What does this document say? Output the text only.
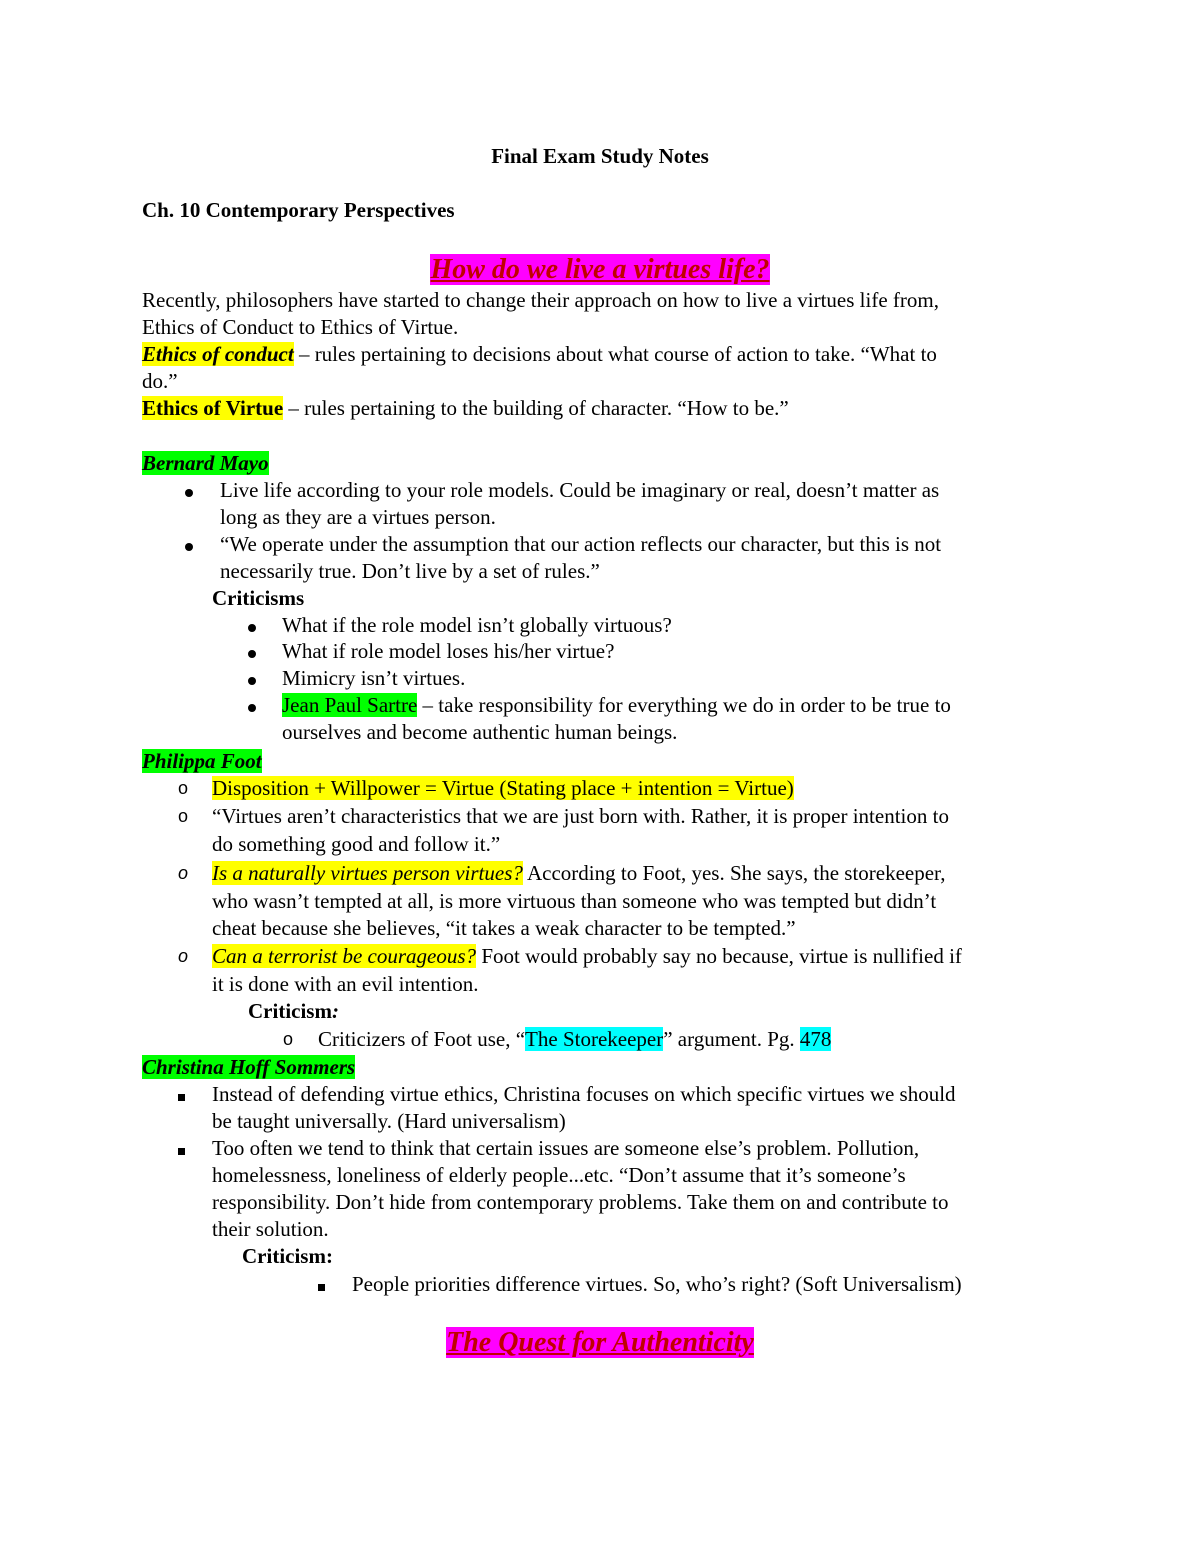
Final Exam Study Notes
Ch. 10 Contemporary Perspectives
How do we live a virtues life?
Recently, philosophers have started to change their approach on how to live a virtues life from,
Ethics of Conduct to Ethics of Virtue.
Ethics of conduct – rules pertaining to decisions about what course of action to take. “What to
do.”
Ethics of Virtue – rules pertaining to the building of character. “How to be.”
Bernard Mayo
Live life according to your role models. Could be imaginary or real, doesn’t matter as
long as they are a virtues person.
“We operate under the assumption that our action reflects our character, but this is not
necessarily true. Don’t live by a set of rules.”
Criticisms
What if the role model isn’t globally virtuous?
What if role model loses his/her virtue?
Mimicry isn’t virtues.
Jean Paul Sartre – take responsibility for everything we do in order to be true to
ourselves and become authentic human beings.
Philippa Foot
o Disposition + Willpower = Virtue (Stating place + intention = Virtue)
o “Virtues aren’t characteristics that we are just born with. Rather, it is proper intention to
do something good and follow it.”
o Is a naturally virtues person virtues? According to Foot, yes. She says, the storekeeper,
who wasn’t tempted at all, is more virtuous than someone who was tempted but didn’t
cheat because she believes, “it takes a weak character to be tempted.”
o Can a terrorist be courageous? Foot would probably say no because, virtue is nullified if
it is done with an evil intention.
Criticism:
o Criticizers of Foot use, “The Storekeeper” argument. Pg. 478
Christina Hoff Sommers
Instead of defending virtue ethics, Christina focuses on which specific virtues we should
be taught universally. (Hard universalism)
Too often we tend to think that certain issues are someone else’s problem. Pollution,
homelessness, loneliness of elderly people...etc. “Don’t assume that it’s someone’s
responsibility. Don’t hide from contemporary problems. Take them on and contribute to
their solution.
Criticism:
People priorities difference virtues. So, who’s right? (Soft Universalism)
The Quest for Authenticity
